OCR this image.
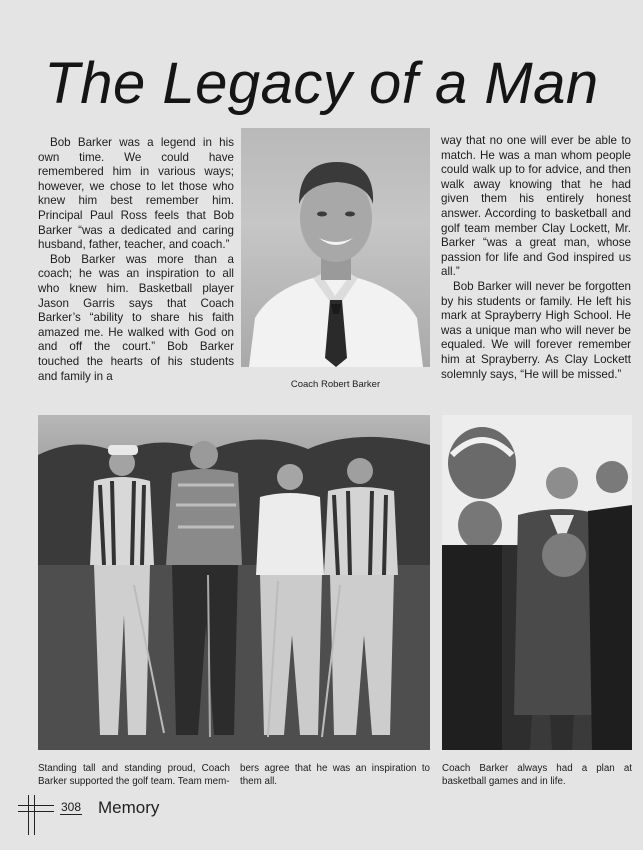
The Legacy of a Man

Bob Barker was a legend in his own time. We could have remembered him in various ways; however, we chose to let those who knew him best remember him. Principal Paul Ross feels that Bob Barker “was a dedicated and caring husband, father, teacher, and coach.”

Bob Barker was more than a coach; he was an inspiration to all who knew him. Basketball player Jason Garris says that Coach Barker’s “ability to share his faith amazed me. He walked with God on and off the court.” Bob Barker touched the hearts of his students and family in a

Coach Robert Barker

way that no one will ever be able to match. He was a man whom people could walk up to for advice, and then walk away knowing that he had given them his entirely honest answer. According to basketball and golf team member Clay Lockett, Mr. Barker “was a great man, whose passion for life and God inspired us all.”

Bob Barker will never be forgotten by his students or family. He left his mark at Sprayberry High School. He was a unique man who will never be equaled. We will forever remember him at Sprayberry. As Clay Lockett solemnly says, “He will be missed.”

Standing tall and standing proud, Coach Barker supported the golf team. Team mem-
bers agree that he was an inspiration to them all.
Coach Barker always had a plan at basketball games and in life.
308 Memory
